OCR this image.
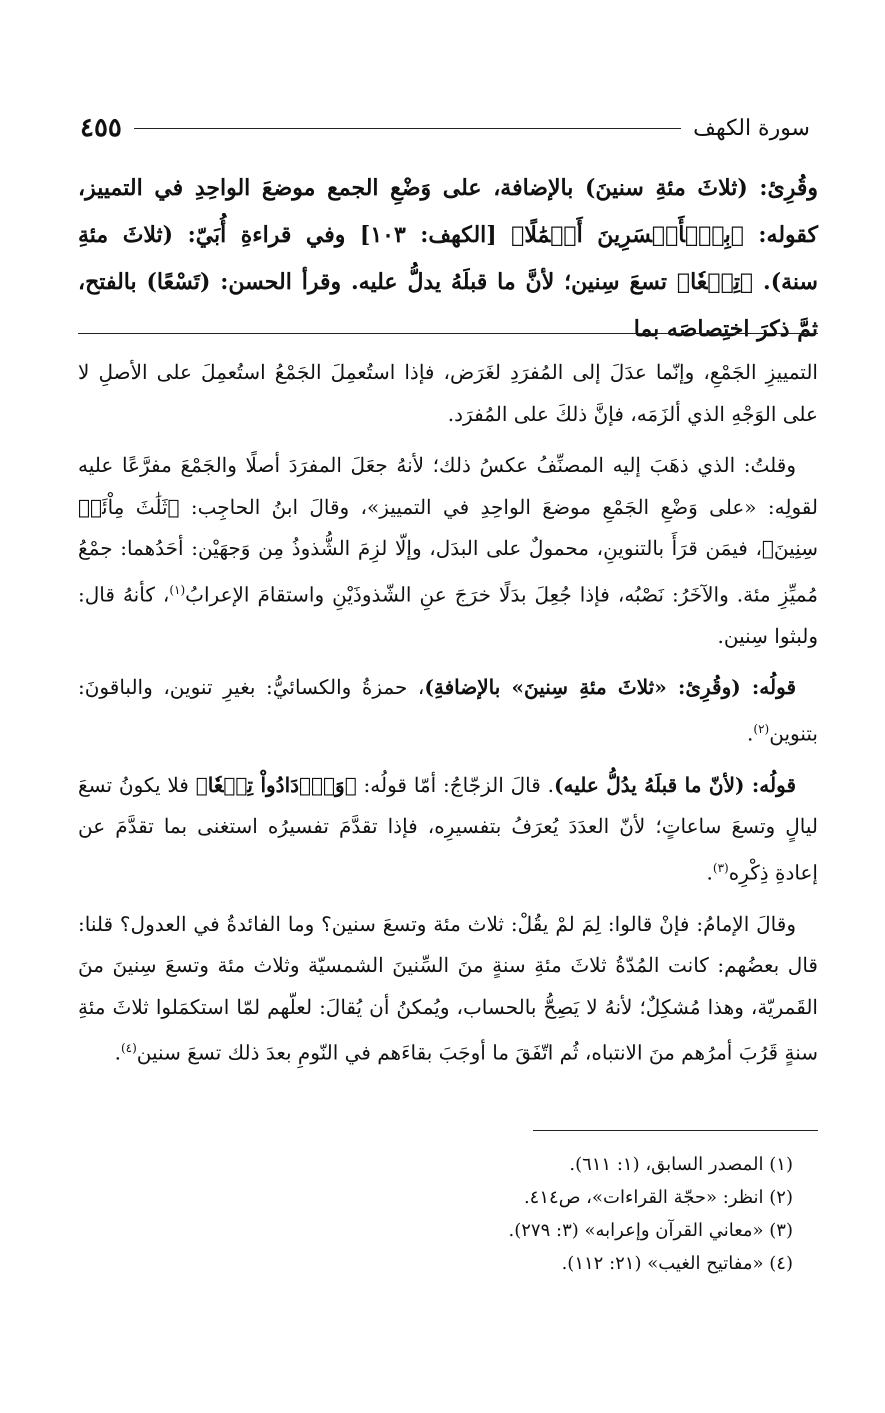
سورة الكهف
٤٥٥
وقُرِئ: (ثلاثَ مئةِ سنينَ) بالإضافة، على وَضْعِ الجمع موضعَ الواحِدِ في التمييز، كقوله: ﴿بِٱلۡأَخۡسَرِينَ أَعۡمَٰلًا﴾ [الكهف: ١٠٣] وفي قراءةِ أُبَيّ: (ثلاثَ مئةِ سنة). ﴿تِسۡعٗا﴾ تسعَ سِنين؛ لأنَّ ما قبلَهُ يدلُّ عليه. وقرأ الحسن: (تَسْعًا) بالفتح، ثمَّ ذكرَ اختِصاصَه بما

التمييزِ الجَمْعِ، وإنّما عدَلَ إلى المُفرَدِ لغَرَض، فإذا استُعمِلَ الجَمْعُ استُعمِلَ على الأصلِ لا على الوَجْهِ الذي ألزَمَه، فإنَّ ذلكَ على المُفرَد.

وقلتُ: الذي ذهَبَ إليه المصنِّفُ عكسُ ذلك؛ لأنهُ جعَلَ المفرَدَ أصلًا والجَمْعَ مفرَّعًا عليه لقولِه: «على وَضْعِ الجَمْعِ موضعَ الواحِدِ في التمييز»، وقالَ ابنُ الحاجِب: ﴿ثَلَٰثَ مِاْئَةٖ سِنِينَ﴾، فيمَن قرَأَ بالتنوينِ، محمولٌ على البدَل، وإلّا لزِمَ الشُّذوذُ مِن وَجهَيْن: أحَدُهما: جمْعُ مُميِّزِ مئة. والآخَرُ: نَصْبُه، فإذا جُعِلَ بدَلًا خرَجَ عنِ الشّذوذَيْنِ واستقامَ الإعرابُ$^{(١)}$، كأنهُ قال: ولبثوا سِنين.

قولُه: (وقُرِئ: «ثلاثَ مئةِ سِنينَ» بالإضافةِ)، حمزةُ والكسائيُّ: بغيرِ تنوين، والباقونَ: بتنوين$^{(٢)}$.

قولُه: (لأنّ ما قبلَهُ يدُلُّ عليه). قالَ الزجّاجُ: أمّا قولُه: ﴿وَٱزۡدَادُواْ تِسۡعٗا﴾ فلا يكونُ تسعَ ليالٍ وتسعَ ساعاتٍ؛ لأنّ العدَدَ يُعرَفُ بتفسيرِه، فإذا تقدَّمَ تفسيرُه استغنى بما تقدَّمَ عن إعادةِ ذِكْرِه$^{(٣)}$.

وقالَ الإمامُ: فإنْ قالوا: لِمَ لمْ يقُلْ: ثلاث مئة وتسعَ سنين؟ وما الفائدةُ في العدول؟ قلنا: قال بعضُهم: كانت المُدّةُ ثلاثَ مئةِ سنةٍ منَ السِّنينَ الشمسيّة وثلاث مئة وتسعَ سِنينَ منَ القَمريّة، وهذا مُشكِلٌ؛ لأنهُ لا يَصِحُّ بالحساب، ويُمكنُ أن يُقالَ: لعلّهم لمّا استكمَلوا ثلاثَ مئةِ سنةٍ قَرُبَ أمرُهم منَ الانتباه، ثُم اتّفَقَ ما أوجَبَ بقاءَهم في النّومِ بعدَ ذلك تسعَ سنين$^{(٤)}$.

(١) المصدر السابق، (١: ٦١١).
(٢) انظر: «حجّة القراءات»، ص٤١٤.
(٣) «معاني القرآن وإعرابه» (٣: ٢٧٩).
(٤) «مفاتيح الغيب» (٢١: ١١٢).
